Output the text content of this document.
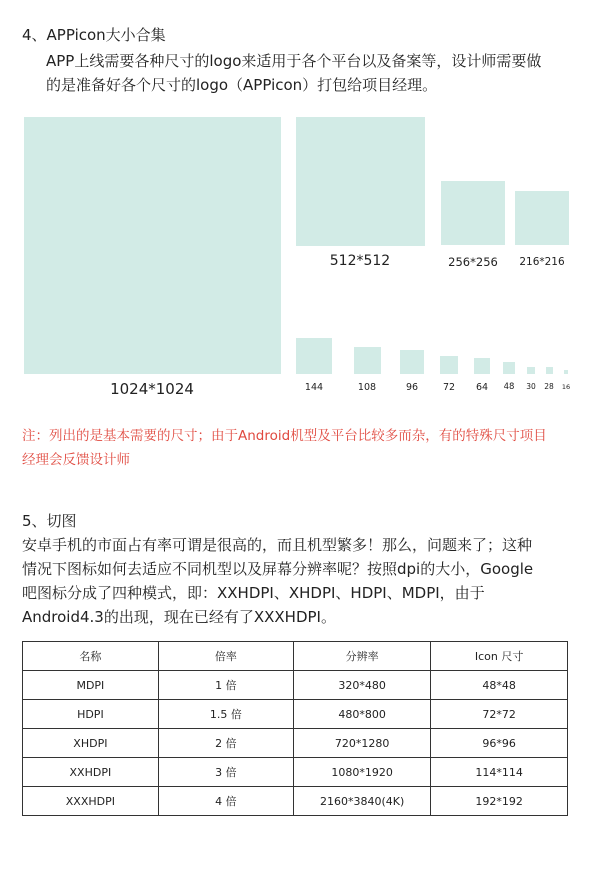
4、APPicon大小合集
APP上线需要各种尺寸的logo来适用于各个平台以及备案等，设计师需要做
的是准备好各个尺寸的logo（APPicon）打包给项目经理。
1024*1024
512*512	256*256 216*216
144	108	96	72 64 48 30 28 16
注：列出的是基本需要的尺寸；由于Android机型及平台比较多而杂，有的特殊尺寸项目
经理会反馈设计师
5、切图
安卓手机的市面占有率可谓是很高的，而且机型繁多！那么，问题来了；这种
情况下图标如何去适应不同机型以及屏幕分辨率呢？按照dpi的大小，Google
吧图标分成了四种模式，即：XXHDPI、XHDPI、HDPI、MDPI，由于
Android4.3的出现，现在已经有了XXXHDPI。
名称	倍率	分辨率	Icon 尺寸
MDPI	1 倍	320*480	48*48
HDPI	1.5 倍	480*800	72*72
XHDPI	2 倍	720*1280	96*96
XXHDPI	3 倍	1080*1920	114*114
XXXHDPI	4 倍	2160*3840(4K)	192*192
